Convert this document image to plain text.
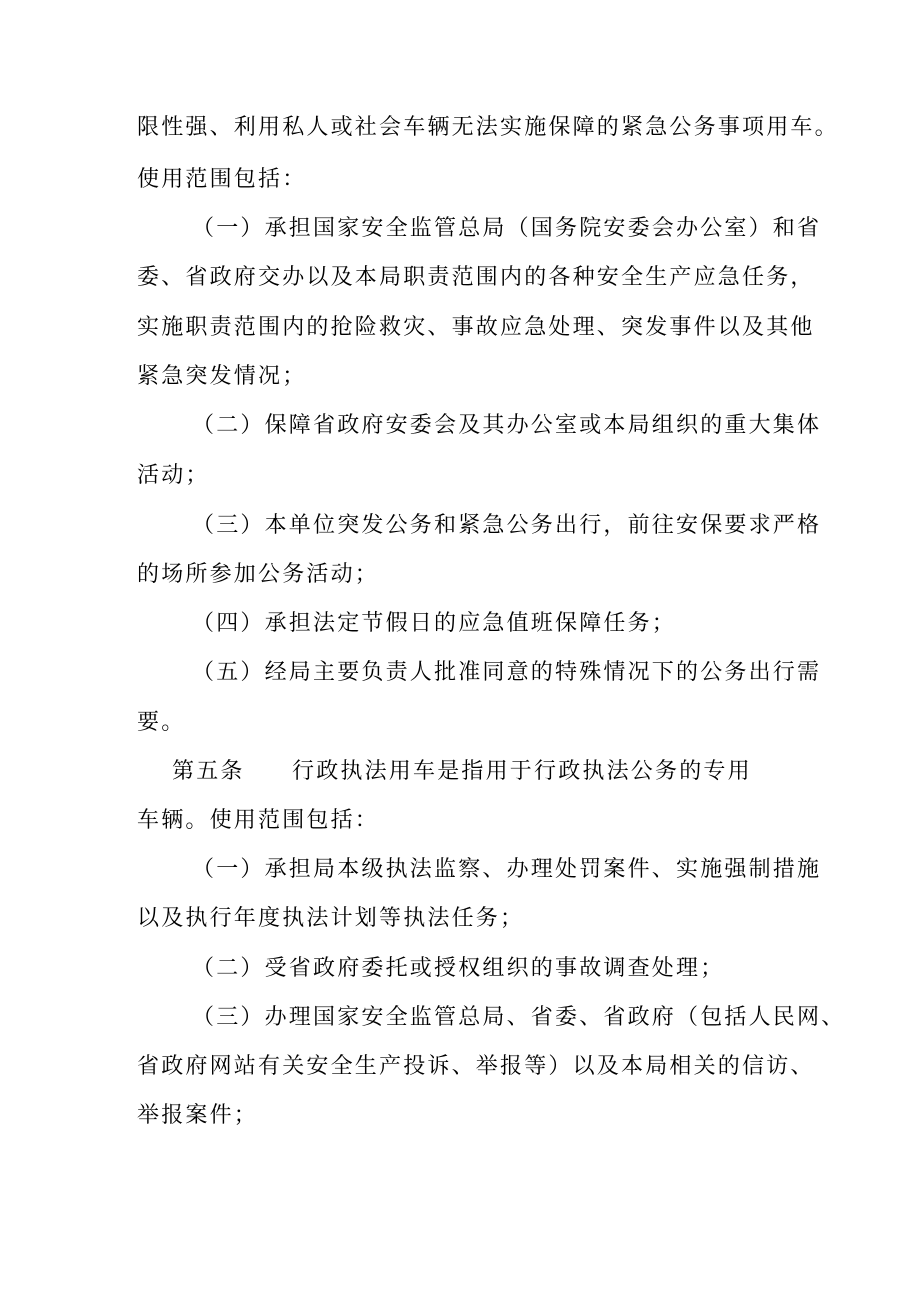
限性强、利用私人或社会车辆无法实施保障的紧急公务事项用车。
使用范围包括：
（一）承担国家安全监管总局（国务院安委会办公室）和省
委、省政府交办以及本局职责范围内的各种安全生产应急任务，
实施职责范围内的抢险救灾、事故应急处理、突发事件以及其他
紧急突发情况；
（二）保障省政府安委会及其办公室或本局组织的重大集体
活动；
（三）本单位突发公务和紧急公务出行，前往安保要求严格
的场所参加公务活动；
（四）承担法定节假日的应急值班保障任务；
（五）经局主要负责人批准同意的特殊情况下的公务出行需
要。
第五条 行政执法用车是指用于行政执法公务的专用
车辆。使用范围包括：
（一）承担局本级执法监察、办理处罚案件、实施强制措施
以及执行年度执法计划等执法任务；
（二）受省政府委托或授权组织的事故调查处理；
（三）办理国家安全监管总局、省委、省政府（包括人民网、
省政府网站有关安全生产投诉、举报等）以及本局相关的信访、
举报案件；
